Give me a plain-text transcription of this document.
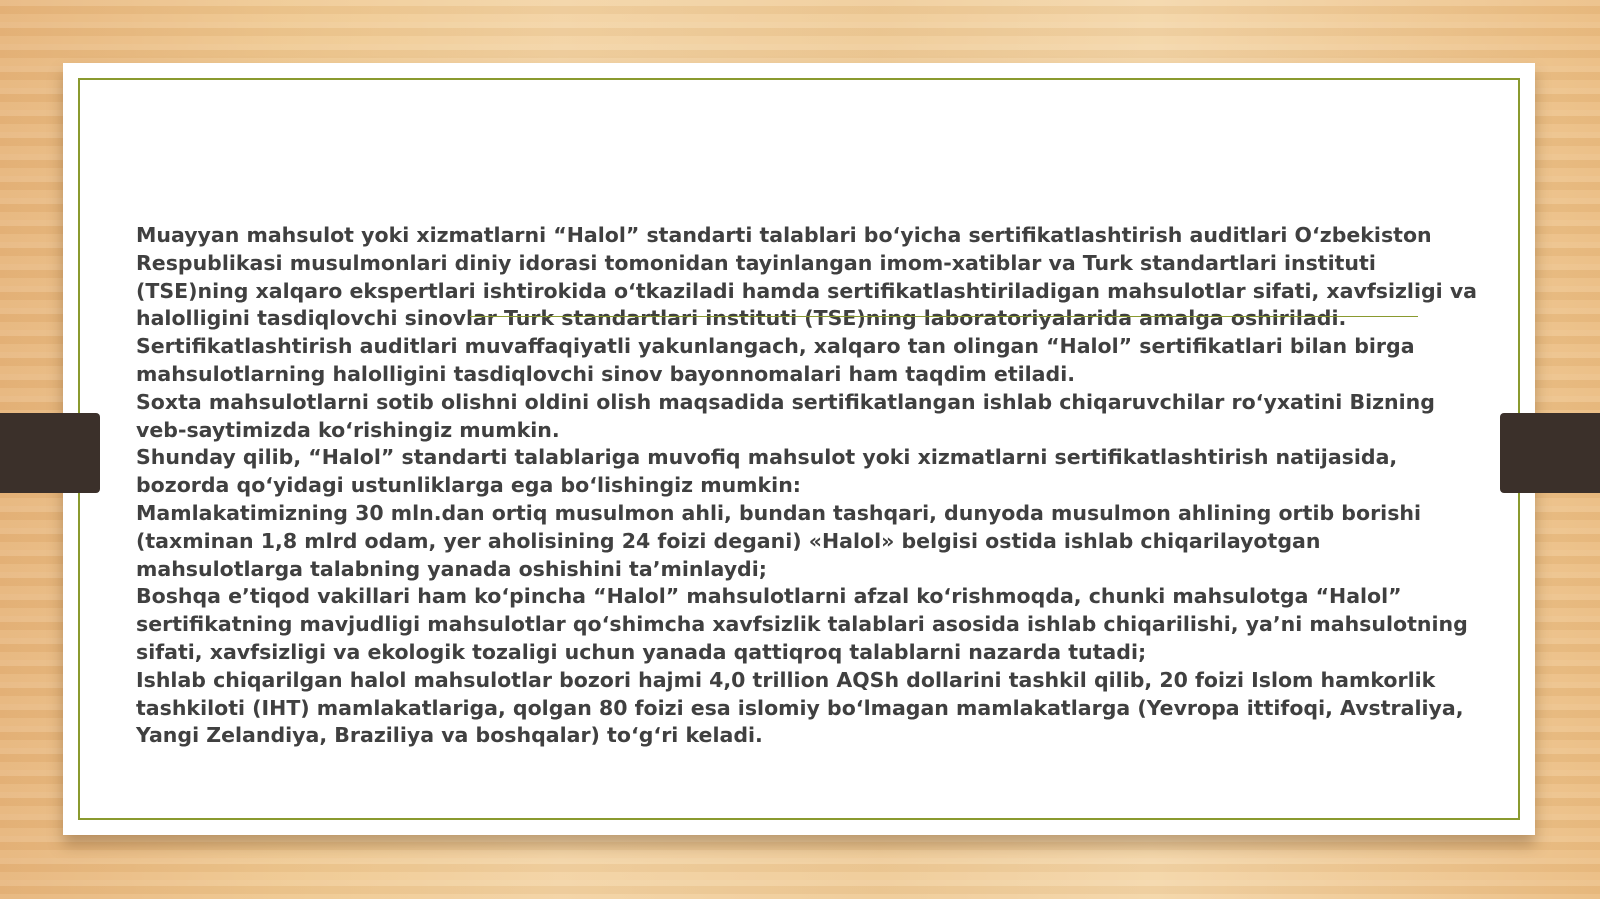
Muayyan mahsulot yoki xizmatlarni “Halol” standarti talablari boʻyicha sertifikatlashtirish auditlari Oʻzbekiston Respublikasi musulmonlari diniy idorasi tomonidan tayinlangan imom-xatiblar va Turk standartlari instituti (TSE)ning xalqaro ekspertlari ishtirokida oʻtkaziladi hamda sertifikatlashtiriladigan mahsulotlar sifati, xavfsizligi va halolligini tasdiqlovchi sinovlar Turk standartlari instituti (TSE)ning laboratoriyalarida amalga oshiriladi. Sertifikatlashtirish auditlari muvaffaqiyatli yakunlangach, xalqaro tan olingan “Halol” sertifikatlari bilan birga mahsulotlarning halolligini tasdiqlovchi sinov bayonnomalari ham taqdim etiladi.

Soxta mahsulotlarni sotib olishni oldini olish maqsadida sertifikatlangan ishlab chiqaruvchilar roʻyxatini Bizning veb-saytimizda koʻrishingiz mumkin.

Shunday qilib, “Halol” standarti talablariga muvofiq mahsulot yoki xizmatlarni sertifikatlashtirish natijasida, bozorda qoʻyidagi ustunliklarga ega boʻlishingiz mumkin:

Mamlakatimizning 30 mln.dan ortiq musulmon ahli, bundan tashqari, dunyoda musulmon ahlining ortib borishi (taxminan 1,8 mlrd odam, yer aholisining 24 foizi degani) «Halol» belgisi ostida ishlab chiqarilayotgan mahsulotlarga talabning yanada oshishini taʼminlaydi;

Boshqa eʼtiqod vakillari ham koʻpincha “Halol” mahsulotlarni afzal koʻrishmoqda, chunki mahsulotga “Halol” sertifikatning mavjudligi mahsulotlar qoʻshimcha xavfsizlik talablari asosida ishlab chiqarilishi, yaʼni mahsulotning sifati, xavfsizligi va ekologik tozaligi uchun yanada qattiqroq talablarni nazarda tutadi;

Ishlab chiqarilgan halol mahsulotlar bozori hajmi 4,0 trillion AQSh dollarini tashkil qilib, 20 foizi Islom hamkorlik tashkiloti (IHT) mamlakatlariga, qolgan 80 foizi esa islomiy boʻlmagan mamlakatlarga (Yevropa ittifoqi, Avstraliya, Yangi Zelandiya, Braziliya va boshqalar) toʻgʻri keladi.
